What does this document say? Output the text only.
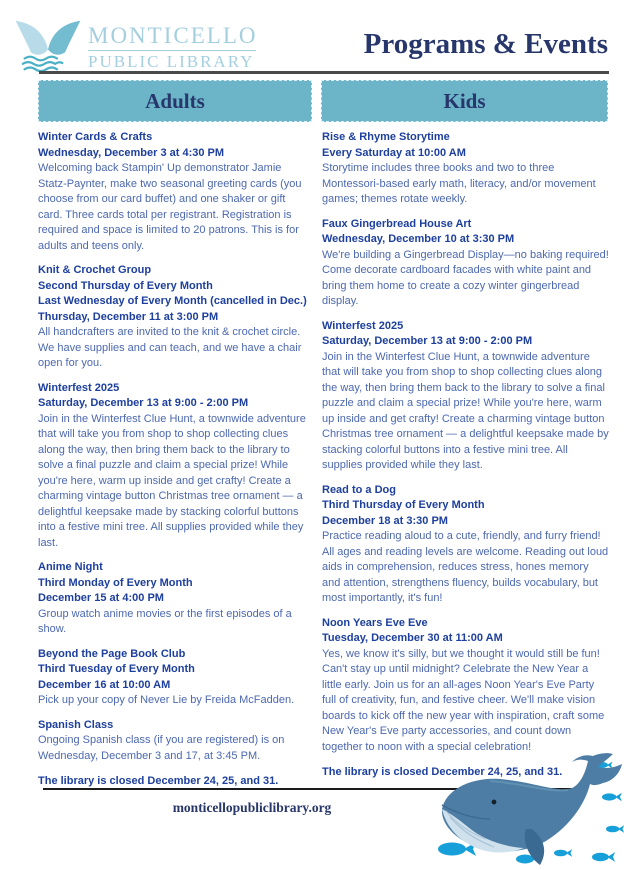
MONTICELLO
PUBLIC LIBRARY
Programs & Events
Adults	Kids
Winter Cards & Crafts
Wednesday, December 3 at 4:30 PM
Welcoming back Stampin' Up demonstrator Jamie Statz-Paynter, make two seasonal greeting cards (you choose from our card buffet) and one shaker or gift card. Three cards total per registrant. Registration is required and space is limited to 20 patrons. This is for adults and teens only.
Knit & Crochet Group
Second Thursday of Every Month
Last Wednesday of Every Month (cancelled in Dec.)
Thursday, December 11 at 3:00 PM
All handcrafters are invited to the knit & crochet circle. We have supplies and can teach, and we have a chair open for you.
Winterfest 2025
Saturday, December 13 at 9:00 - 2:00 PM
Join in the Winterfest Clue Hunt, a townwide adventure that will take you from shop to shop collecting clues along the way, then bring them back to the library to solve a final puzzle and claim a special prize! While you're here, warm up inside and get crafty! Create a charming vintage button Christmas tree ornament — a delightful keepsake made by stacking colorful buttons into a festive mini tree. All supplies provided while they last.
Anime Night
Third Monday of Every Month
December 15 at 4:00 PM
Group watch anime movies or the first episodes of a show.
Beyond the Page Book Club
Third Tuesday of Every Month
December 16 at 10:00 AM
Pick up your copy of Never Lie by Freida McFadden.
Spanish Class
Ongoing Spanish class (if you are registered) is on Wednesday, December 3 and 17, at 3:45 PM.
The library is closed December 24, 25, and 31.
Rise & Rhyme Storytime
Every Saturday at 10:00 AM
Storytime includes three books and two to three Montessori-based early math, literacy, and/or movement games; themes rotate weekly.
Faux Gingerbread House Art
Wednesday, December 10 at 3:30 PM
We're building a Gingerbread Display—no baking required! Come decorate cardboard facades with white paint and bring them home to create a cozy winter gingerbread display.
Winterfest 2025
Saturday, December 13 at 9:00 - 2:00 PM
Join in the Winterfest Clue Hunt, a townwide adventure that will take you from shop to shop collecting clues along the way, then bring them back to the library to solve a final puzzle and claim a special prize! While you're here, warm up inside and get crafty! Create a charming vintage button Christmas tree ornament — a delightful keepsake made by stacking colorful buttons into a festive mini tree. All supplies provided while they last.
Read to a Dog
Third Thursday of Every Month
December 18 at 3:30 PM
Practice reading aloud to a cute, friendly, and furry friend! All ages and reading levels are welcome. Reading out loud aids in comprehension, reduces stress, hones memory and attention, strengthens fluency, builds vocabulary, but most importantly, it's fun!
Noon Years Eve Eve
Tuesday, December 30 at 11:00 AM
Yes, we know it's silly, but we thought it would still be fun! Can't stay up until midnight? Celebrate the New Year a little early. Join us for an all-ages Noon Year's Eve Party full of creativity, fun, and festive cheer. We'll make vision boards to kick off the new year with inspiration, craft some New Year's Eve party accessories, and count down together to noon with a special celebration!
The library is closed December 24, 25, and 31.
monticellopubliclibrary.org
